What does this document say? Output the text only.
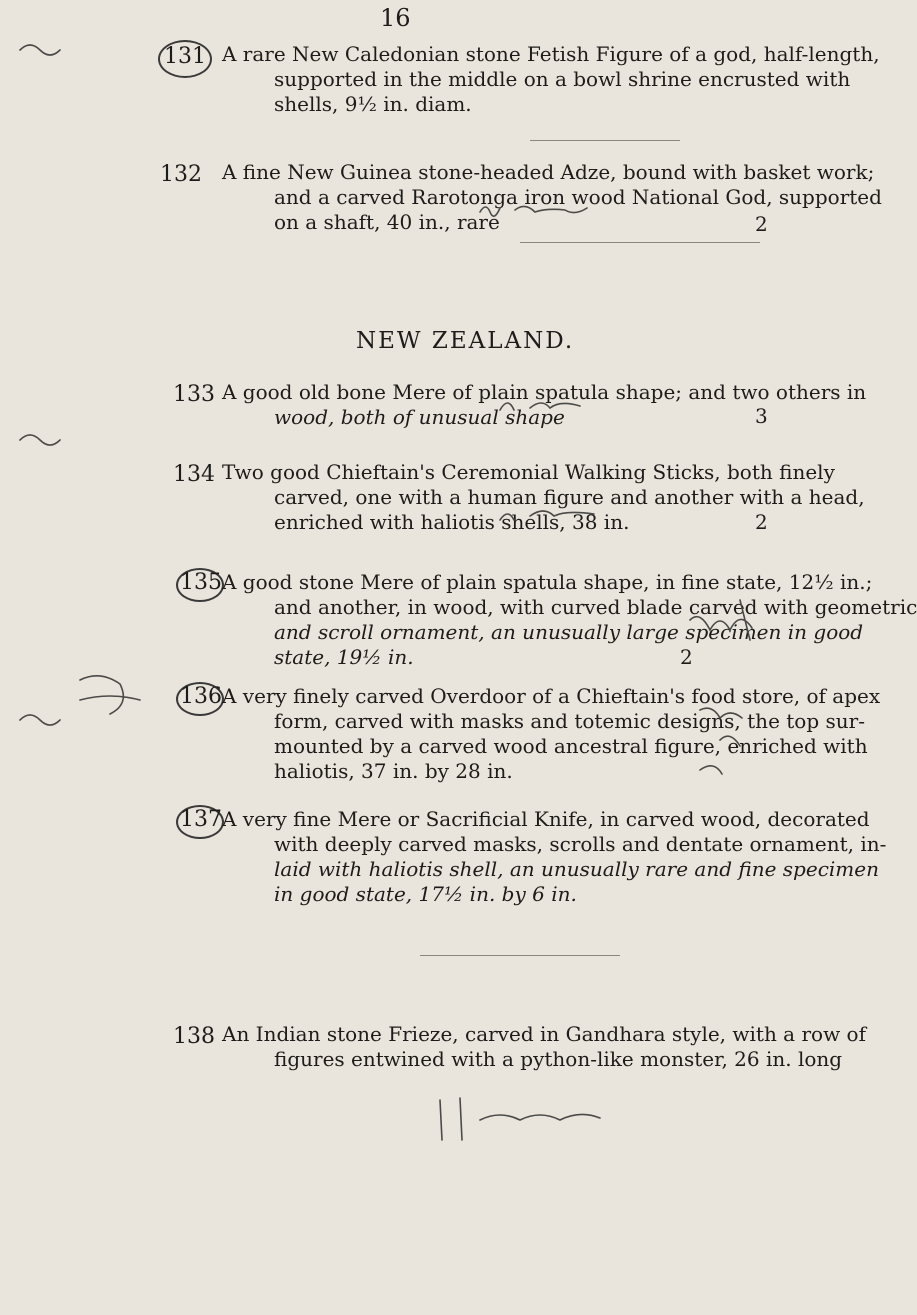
16
131 A rare New Caledonian stone Fetish Figure of a god, half-length,
supported in the middle on a bowl shrine encrusted with
shells, 9½ in. diam.
132 A fine New Guinea stone-headed Adze, bound with basket work;
and a carved Rarotonga iron wood National God, supported
on a shaft, 40 in., rare	2
NEW ZEALAND.
133 A good old bone Mere of plain spatula shape; and two others in
wood, both of unusual shape	3
134 Two good Chieftain's Ceremonial Walking Sticks, both finely
carved, one with a human figure and another with a head,
enriched with haliotis shells, 38 in.	2
135 A good stone Mere of plain spatula shape, in fine state, 12½ in.;
and another, in wood, with curved blade carved with geometric
and scroll ornament, an unusually large specimen in good
state, 19½ in.	2
136 A very finely carved Overdoor of a Chieftain's food store, of apex
form, carved with masks and totemic designs, the top sur-
mounted by a carved wood ancestral figure, enriched with
haliotis, 37 in. by 28 in.
137 A very fine Mere or Sacrificial Knife, in carved wood, decorated
with deeply carved masks, scrolls and dentate ornament, in-
laid with haliotis shell, an unusually rare and fine specimen
in good state, 17½ in. by 6 in.
138 An Indian stone Frieze, carved in Gandhara style, with a row of
figures entwined with a python-like monster, 26 in. long
